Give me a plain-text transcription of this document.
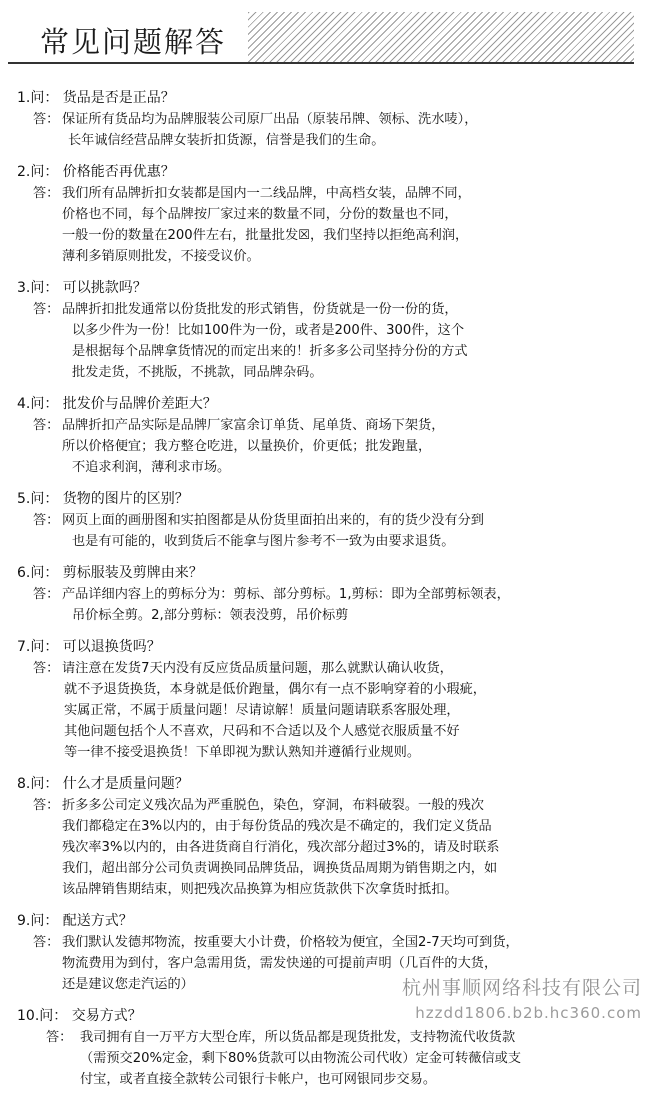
常见问题解答
1.问： 货品是否是正品？
答： 保证所有货品均为品牌服装公司原厂出品（原装吊牌、领标、洗水唛），
长年诚信经营品牌女装折扣货源，信誉是我们的生命。
2.问： 价格能否再优惠？
答： 我们所有品牌折扣女装都是国内一二线品牌，中高档女装，品牌不同，
价格也不同，每个品牌按厂家过来的数量不同，分份的数量也不同，
一般一份的数量在200件左右，批量批发☒，我们坚持以拒绝高利润，
薄利多销原则批发，不接受议价。
3.问： 可以挑款吗？
答： 品牌折扣批发通常以份货批发的形式销售，份货就是一份一份的货，
以多少件为一份！比如100件为一份，或者是200件、300件，这个
是根据每个品牌拿货情况的而定出来的！折多多公司坚持分份的方式
批发走货，不挑版，不挑款，同品牌杂码。
4.问： 批发价与品牌价差距大？
答： 品牌折扣产品实际是品牌厂家富余订单货、尾单货、商场下架货，
所以价格便宜；我方整仓吃进，以量换价，价更低；批发跑量，
不追求利润，薄利求市场。
5.问： 货物的图片的区别？
答： 网页上面的画册图和实拍图都是从份货里面拍出来的，有的货少没有分到
也是有可能的，收到货后不能拿与图片参考不一致为由要求退货。
6.问： 剪标服装及剪牌由来？
答： 产品详细内容上的剪标分为：剪标、部分剪标。1,剪标：即为全部剪标领表，
吊价标全剪。2,部分剪标：领表没剪，吊价标剪
7.问： 可以退换货吗？
答： 请注意在发货7天内没有反应货品质量问题，那么就默认确认收货，
就不予退货换货，本身就是低价跑量，偶尔有一点不影响穿着的小瑕疵，
实属正常，不属于质量问题！尽请谅解！质量问题请联系客服处理，
其他问题包括个人不喜欢，尺码和不合适以及个人感觉衣服质量不好
等一律不接受退换货！下单即视为默认熟知并遵循行业规则。
8.问： 什么才是质量问题？
答： 折多多公司定义残次品为严重脱色，染色，穿洞，布料破裂。一般的残次
我们都稳定在3%以内的，由于每份货品的残次是不确定的，我们定义货品
残次率3%以内的，由各进货商自行消化，残次部分超过3%的，请及时联系
我们，超出部分公司负责调换同品牌货品，调换货品周期为销售期之内，如
该品牌销售期结束，则把残次品换算为相应货款供下次拿货时抵扣。
9.问： 配送方式？
答： 我们默认发德邦物流，按重要大小计费，价格较为便宜，全国2-7天均可到货，
物流费用为到付，客户急需用货，需发快递的可提前声明（几百件的大货，
还是建议您走汽运的）
10.问： 交易方式？
答： 我司拥有自一万平方大型仓库，所以货品都是现货批发，支持物流代收货款
（需预交20%定金，剩下80%货款可以由物流公司代收）定金可转薇信或支
付宝，或者直接全款转公司银行卡帐户，也可网银同步交易。
杭州事顺网络科技有限公司
hzzdd1806.b2b.hc360.com
